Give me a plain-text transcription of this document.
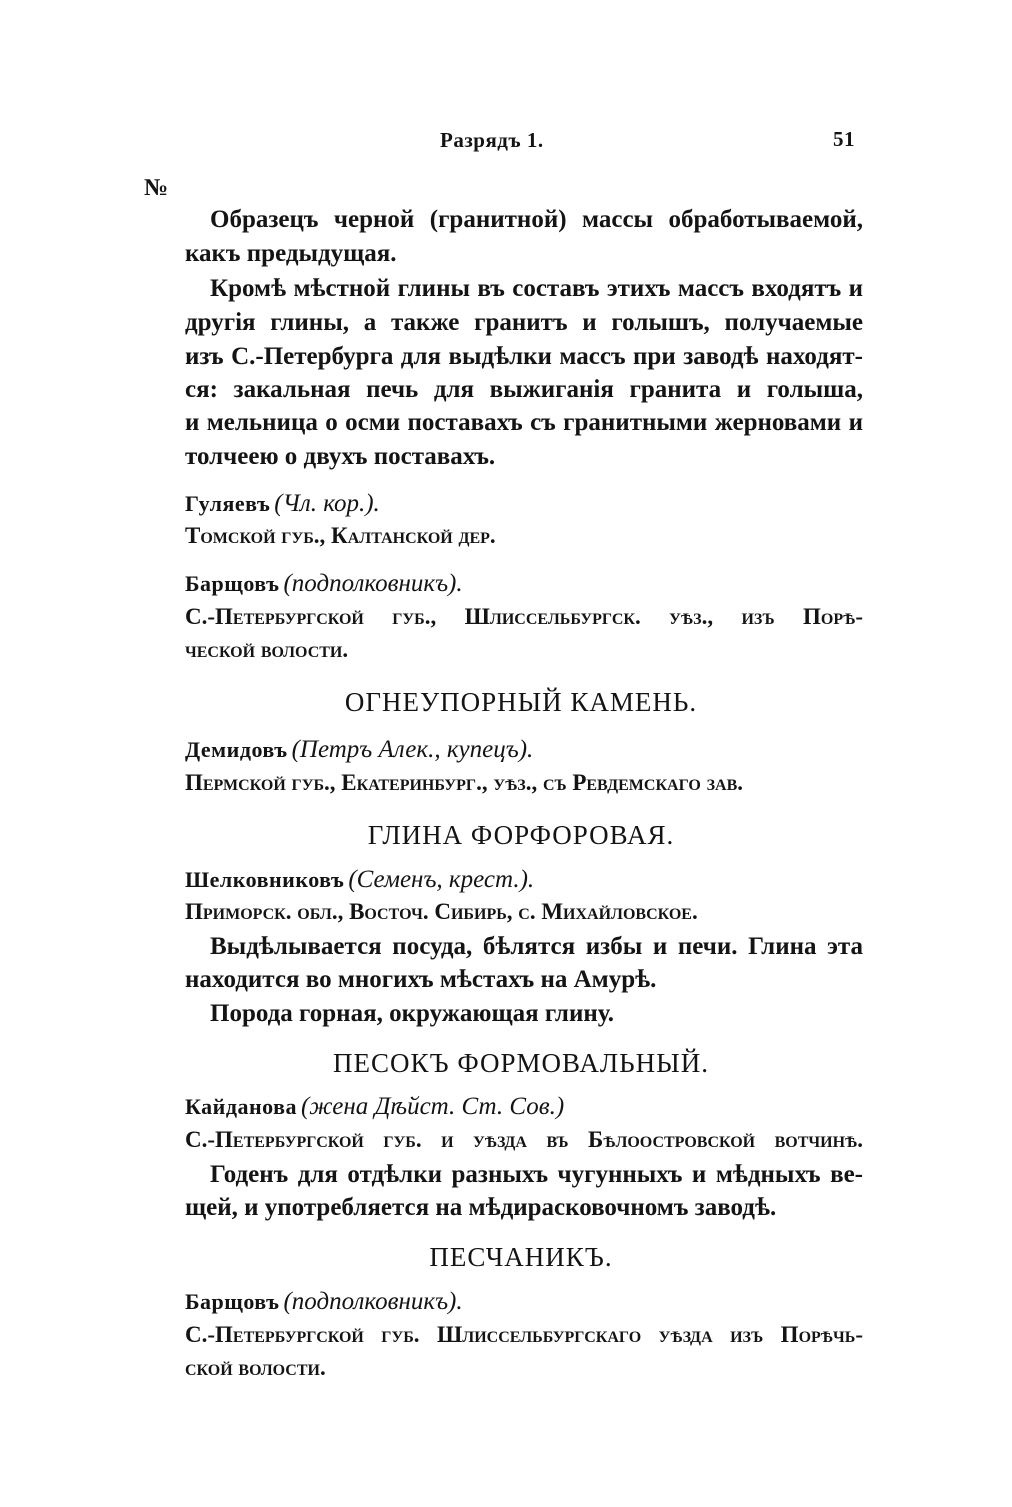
Разрядъ 1.	51
№
Образецъ черной (гранитной) массы обработываемой,
какъ предыдущая.
Кромѣ мѣстной глины въ составъ этихъ массъ входятъ и
другія глины, а также гранитъ и голышъ, получаемые
изъ С.-Петербурга для выдѣлки массъ при заводѣ находят-
ся: закальная печь для выжиганія гранита и голыша,
и мельница о осми поставахъ съ гранитными жерновами и
толчеею о двухъ поставахъ.
Гуляевъ (Чл. кор.).
Томской губ., Калтанской дер.
Барщовъ (подполковникъ).
С.-Петербургской губ., Шлиссельбургск. уѣз., изъ Порѣ-
ческой волости.
ОГНЕУПОРНЫЙ КАМЕНЬ.
Демидовъ (Петръ Алек., купецъ).
Пермской губ., Екатеринбург., уѣз., съ Ревдемскаго зав.
ГЛИНА ФОРФОРОВАЯ.
Шелковниковъ (Семенъ, крест.).
Приморск. обл., Восточ. Сибирь, с. Михайловское.
Выдѣлывается посуда, бѣлятся избы и печи. Глина эта
находится во многихъ мѣстахъ на Амурѣ.
Порода горная, окружающая глину.
ПЕСОКЪ ФОРМОВАЛЬНЫЙ.
Кайданова (жена Дѣйст. Ст. Сов.)
С.-Петербургской губ. и уѣзда въ Бѣлоостровской вотчинѣ.
Годенъ для отдѣлки разныхъ чугунныхъ и мѣдныхъ ве-
щей, и употребляется на мѣдирасковочномъ заводѣ.
ПЕСЧАНИКЪ.
Барщовъ (подполковникъ).
С.-Петербургской губ. Шлиссельбургскаго уѣзда изъ Порѣчь-
ской волости.
